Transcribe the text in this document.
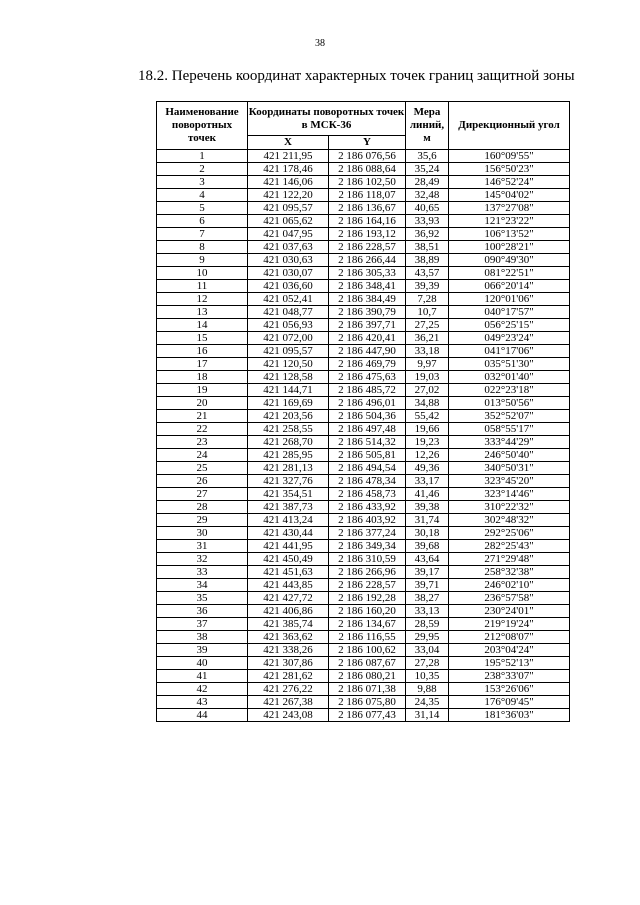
38
18.2. Перечень координат характерных точек границ защитной зоны
Наименование поворотных точек	Координаты поворотных точек в МСК-36		Мера линий, м	Дирекционный угол
	X	Y		
1	421 211,95	2 186 076,56	35,6	160°09'55"
2	421 178,46	2 186 088,64	35,24	156°50'23"
3	421 146,06	2 186 102,50	28,49	146°52'24"
4	421 122,20	2 186 118,07	32,48	145°04'02"
5	421 095,57	2 186 136,67	40,65	137°27'08"
6	421 065,62	2 186 164,16	33,93	121°23'22"
7	421 047,95	2 186 193,12	36,92	106°13'52"
8	421 037,63	2 186 228,57	38,51	100°28'21"
9	421 030,63	2 186 266,44	38,89	090°49'30"
10	421 030,07	2 186 305,33	43,57	081°22'51"
11	421 036,60	2 186 348,41	39,39	066°20'14"
12	421 052,41	2 186 384,49	7,28	120°01'06"
13	421 048,77	2 186 390,79	10,7	040°17'57"
14	421 056,93	2 186 397,71	27,25	056°25'15"
15	421 072,00	2 186 420,41	36,21	049°23'24"
16	421 095,57	2 186 447,90	33,18	041°17'06"
17	421 120,50	2 186 469,79	9,97	035°51'30"
18	421 128,58	2 186 475,63	19,03	032°01'40"
19	421 144,71	2 186 485,72	27,02	022°23'18"
20	421 169,69	2 186 496,01	34,88	013°50'56"
21	421 203,56	2 186 504,36	55,42	352°52'07"
22	421 258,55	2 186 497,48	19,66	058°55'17"
23	421 268,70	2 186 514,32	19,23	333°44'29"
24	421 285,95	2 186 505,81	12,26	246°50'40"
25	421 281,13	2 186 494,54	49,36	340°50'31"
26	421 327,76	2 186 478,34	33,17	323°45'20"
27	421 354,51	2 186 458,73	41,46	323°14'46"
28	421 387,73	2 186 433,92	39,38	310°22'32"
29	421 413,24	2 186 403,92	31,74	302°48'32"
30	421 430,44	2 186 377,24	30,18	292°25'06"
31	421 441,95	2 186 349,34	39,68	282°25'43"
32	421 450,49	2 186 310,59	43,64	271°29'48"
33	421 451,63	2 186 266,96	39,17	258°32'38"
34	421 443,85	2 186 228,57	39,71	246°02'10"
35	421 427,72	2 186 192,28	38,27	236°57'58"
36	421 406,86	2 186 160,20	33,13	230°24'01"
37	421 385,74	2 186 134,67	28,59	219°19'24"
38	421 363,62	2 186 116,55	29,95	212°08'07"
39	421 338,26	2 186 100,62	33,04	203°04'24"
40	421 307,86	2 186 087,67	27,28	195°52'13"
41	421 281,62	2 186 080,21	10,35	238°33'07"
42	421 276,22	2 186 071,38	9,88	153°26'06"
43	421 267,38	2 186 075,80	24,35	176°09'45"
44	421 243,08	2 186 077,43	31,14	181°36'03"
